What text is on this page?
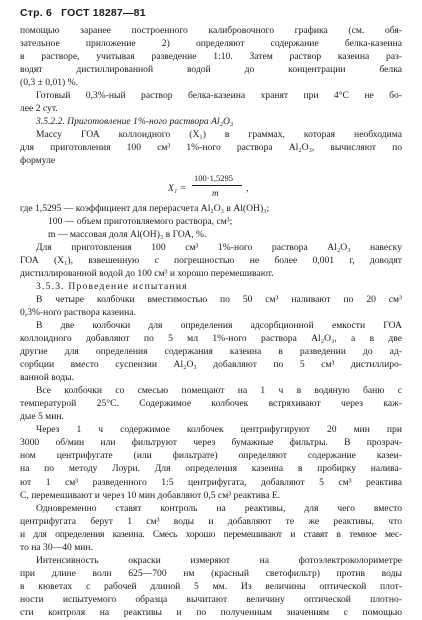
Стр. 6 ГОСТ 18287—81
помощью заранее построенного калибровочного графика (см. обя-
зательное приложение 2) определяют содержание белка-казеина
в растворе, учитывая разведение 1:10. Затем раствор казеина раз-
водят дистиллированной водой до концентрации белка
(0,3 ± 0,01) %.
Готовый 0,3%-ный раствор белка-казеина хранят при 4°С не бо-
лее 2 сут.
3.5.2.2. Приготовление 1%-ного раствора Al₂O₃
Массу ГОА коллоидного (X₁) в граммах, которая необходима
для приготовления 100 см³ 1%-ного раствора Al₂O₃, вычисляют по
формуле
X₁ =
100·1,5295
m	,
где 1,5295 — коэффициент для перерасчета Al₂O₃ в Al(OH)₃;
100 — объем приготовляемого раствора, см³;
m — массовая доля Al(OH)₃ в ГОА, %.
Для приготовления 100 см³ 1%-ного раствора Al₂O₃ навеску
ГОА (X₁), взвешенную с погрешностью не более 0,001 г, доводят
дистиллированной водой до 100 см³ и хорошо перемешивают.
3.5.3. Проведение испытания
В четыре колбочки вместимостью по 50 см³ наливают по 20 см³
0,3%-ного раствора казеина.
В две колбочки для определения адсорбционной емкости ГОА
коллоидного добавляют по 5 мл 1%-ного раствора Al₂O₃, а в две
другие для определения содержания казеина в разведении до ад-
сорбции вместо суспензии Al₂O₃ добавляют по 5 см³ дистиллиро-
ванной воды.
Все колбочки со смесью помещают на 1 ч в водяную баню с
температурой 25°С. Содержимое колбочек встряхивают через каж-
дые 5 мин.
Через 1 ч содержимое колбочек центрифугируют 20 мин при
3000 об/мин или фильтруют через бумажные фильтры. В прозрач-
ном центрифугате (или фильтрате) определяют содержание казеи-
на по методу Лоури. Для определения казеина в пробирку налива-
ют 1 см³ разведенного 1:5 центрифугата, добавляют 5 см³ реактива
С, перемешивают и через 10 мин добавляют 0,5 см³ реактива Е.
Одновременно ставят контроль на реактивы, для чего вместо
центрифугата берут 1 см³ воды и добавляют те же реактивы, что
и для определения казеина. Смесь хорошо перемешивают и ставят в темное мес-
то на 30—40 мин.
Интенсивность окраски измеряют на фотоэлектроколориметре
при длине волн 625—700 нм (красный светофильтр) против воды
в кюветах с рабочей длиной 5 мм. Из величины оптической плот-
ности испытуемого образца вычитают величину оптической плотно-
сти контроля на реактивы и по полученным значениям с помощью
